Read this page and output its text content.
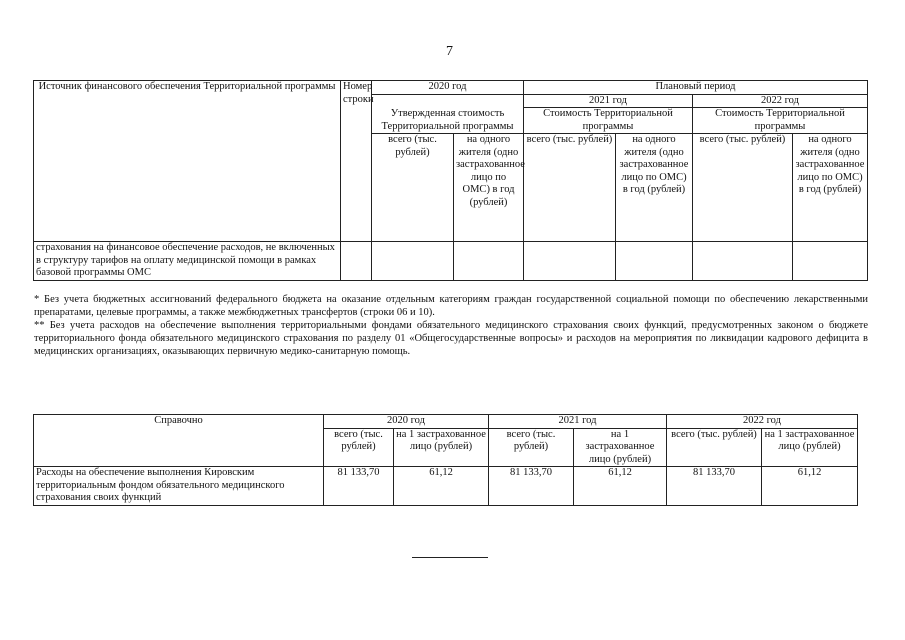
7
Источник финансового обеспечения Территориальной программы	Номер строки	2020 год		Плановый период			
		Утвержденная стоимость Территориальной программы		2021 год		2022 год	
				Стоимость Территориальной программы		Стоимость Территориальной программы	
		всего (тыс. рублей)	на одного жителя (одно застрахованное лицо по ОМС) в год (рублей)	всего (тыс. рублей)	на одного жителя (одно застрахованное лицо по ОМС) в год (рублей)	всего (тыс. рублей)	на одного жителя (одно застрахованное лицо по ОМС) в год (рублей)
страхования на финансовое обеспечение расходов, не включенных в структуру тарифов на оплату медицинской помощи в рамках базовой программы ОМС							

* Без учета бюджетных ассигнований федерального бюджета на оказание отдельным категориям граждан государственной социальной помощи по обеспечению лекарственными препаратами, целевые программы, а также межбюджетных трансфертов (строки 06 и 10).

** Без учета расходов на обеспечение выполнения территориальными фондами обязательного медицинского страхования своих функций, предусмотренных законом о бюджете территориального фонда обязательного медицинского страхования по разделу 01 «Общегосударственные вопросы» и расходов на мероприятия по ликвидации кадрового дефицита в медицинских организациях, оказывающих первичную медико-санитарную помощь.

Справочно	2020 год		2021 год		2022 год	
	всего (тыс. рублей)	на 1 застрахованное лицо (рублей)	всего (тыс. рублей)	на 1 застрахованное лицо (рублей)	всего (тыс. рублей)	на 1 застрахованное лицо (рублей)
Расходы на обеспечение выполнения Кировским территориальным фондом обязательного медицинского страхования своих функций	81 133,70	61,12	81 133,70	61,12	81 133,70	61,12
